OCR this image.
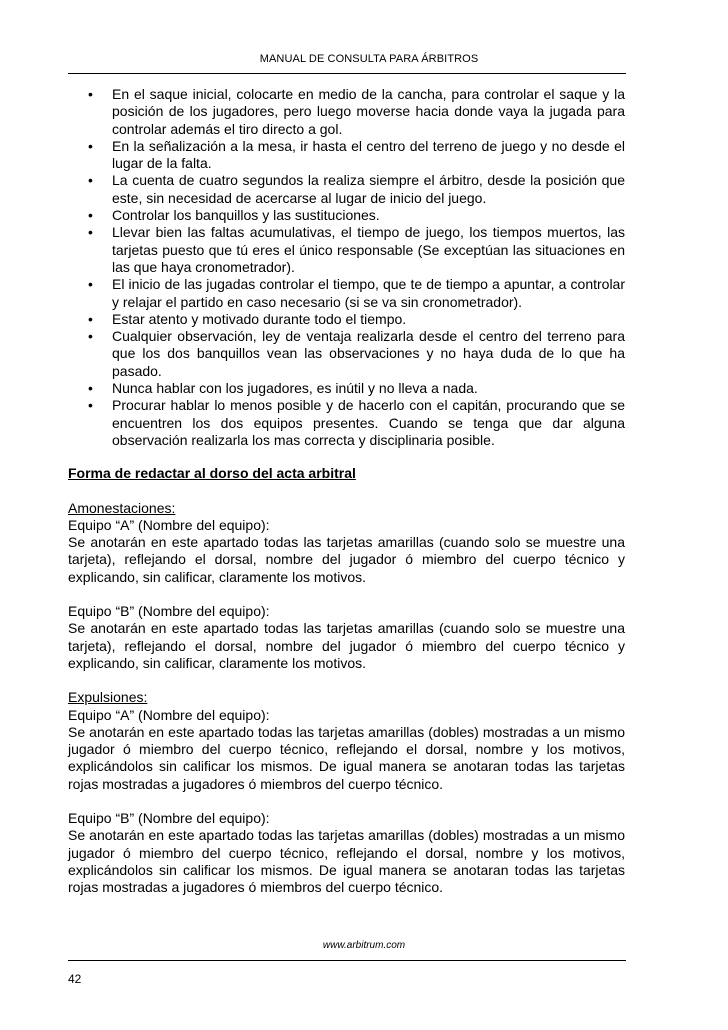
MANUAL DE CONSULTA PARA ÁRBITROS
• En el saque inicial, colocarte en medio de la cancha, para controlar el saque y la posición de los jugadores, pero luego moverse hacia donde vaya la jugada para controlar además el tiro directo a gol.
• En la señalización a la mesa, ir hasta el centro del terreno de juego y no desde el lugar de la falta.
• La cuenta de cuatro segundos la realiza siempre el árbitro, desde la posición que este, sin necesidad de acercarse al lugar de inicio del juego.
• Controlar los banquillos y las sustituciones.
• Llevar bien las faltas acumulativas, el tiempo de juego, los tiempos muertos, las tarjetas puesto que tú eres el único responsable (Se exceptúan las situaciones en las que haya cronometrador).
• El inicio de las jugadas controlar el tiempo, que te de tiempo a apuntar, a controlar y relajar el partido en caso necesario (si se va sin cronometrador).
• Estar atento y motivado durante todo el tiempo.
• Cualquier observación, ley de ventaja realizarla desde el centro del terreno para que los dos banquillos vean las observaciones y no haya duda de lo que ha pasado.
• Nunca hablar con los jugadores, es inútil y no lleva a nada.
• Procurar hablar lo menos posible y de hacerlo con el capitán, procurando que se encuentren los dos equipos presentes. Cuando se tenga que dar alguna observación realizarla los mas correcta y disciplinaria posible.
Forma de redactar al dorso del acta arbitral
Amonestaciones:
Equipo “A” (Nombre del equipo):

Se anotarán en este apartado todas las tarjetas amarillas (cuando solo se muestre una tarjeta), reflejando el dorsal, nombre del jugador ó miembro del cuerpo técnico y explicando, sin calificar, claramente los motivos.

Equipo “B” (Nombre del equipo):

Se anotarán en este apartado todas las tarjetas amarillas (cuando solo se muestre una tarjeta), reflejando el dorsal, nombre del jugador ó miembro del cuerpo técnico y explicando, sin calificar, claramente los motivos.

Expulsiones:
Equipo “A” (Nombre del equipo):

Se anotarán en este apartado todas las tarjetas amarillas (dobles) mostradas a un mismo jugador ó miembro del cuerpo técnico, reflejando el dorsal, nombre y los motivos, explicándolos sin calificar los mismos. De igual manera se anotaran todas las tarjetas rojas mostradas a jugadores ó miembros del cuerpo técnico.

Equipo “B” (Nombre del equipo):

Se anotarán en este apartado todas las tarjetas amarillas (dobles) mostradas a un mismo jugador ó miembro del cuerpo técnico, reflejando el dorsal, nombre y los motivos, explicándolos sin calificar los mismos. De igual manera se anotaran todas las tarjetas rojas mostradas a jugadores ó miembros del cuerpo técnico.

www.arbitrum.com
42
